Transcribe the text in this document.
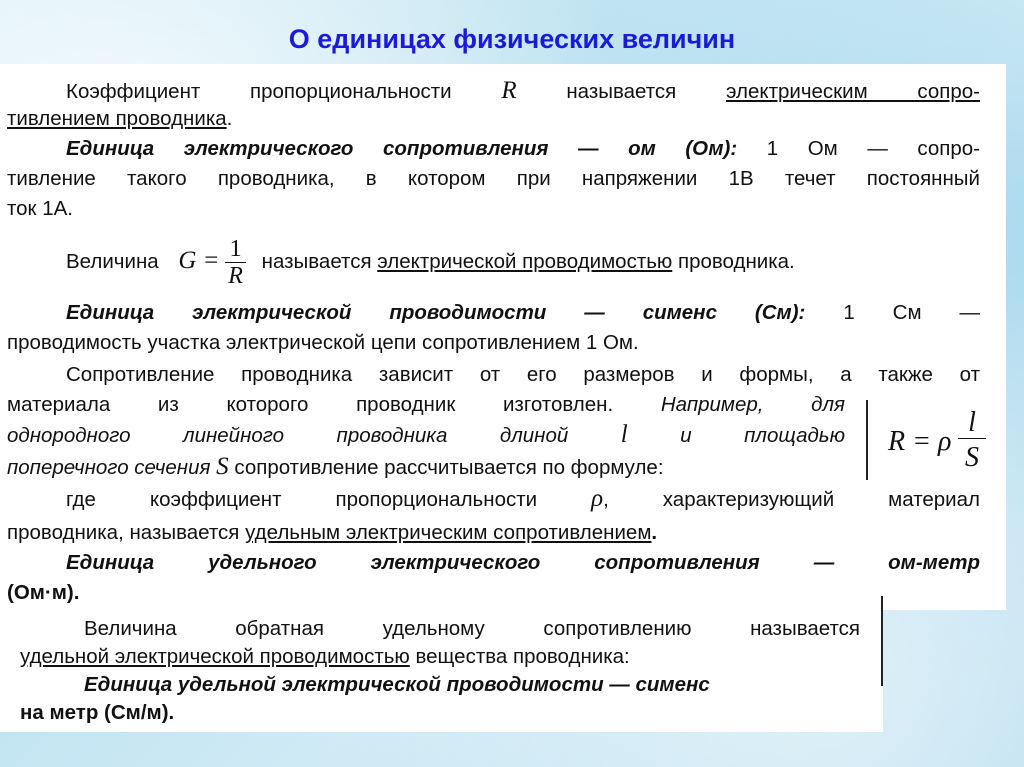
О единицах физических величин
Коэффициент пропорциональности R называется электрическим сопро-
тивлением проводника.
Единица электрического сопротивления — ом (Ом): 1 Ом — сопро-
тивление такого проводника, в котором при напряжении 1В течет постоянный
ток 1А.
Величина $G = \frac{1}{R}$ называется электрической проводимостью проводника.
Единица электрической проводимости — сименс (См): 1 См —
проводимость участка электрической цепи сопротивлением 1 Ом.
Сопротивление проводника зависит от его размеров и формы, а также от
материала из которого проводник изготовлен. Например, для
однородного линейного проводника длиной l	и площадью
поперечного сечения S сопротивление рассчитывается по формуле:
R = ρ
l
S
где коэффициент пропорциональности ρ, характеризующий материал
проводника, называется удельным электрическим сопротивлением.
Единица удельного электрического сопротивления — ом-метр
(Ом·м).
Величина обратная удельному сопротивлению называется
удельной электрической проводимостью вещества проводника:
Единица удельной электрической проводимости — сименс
на метр (См/м).
